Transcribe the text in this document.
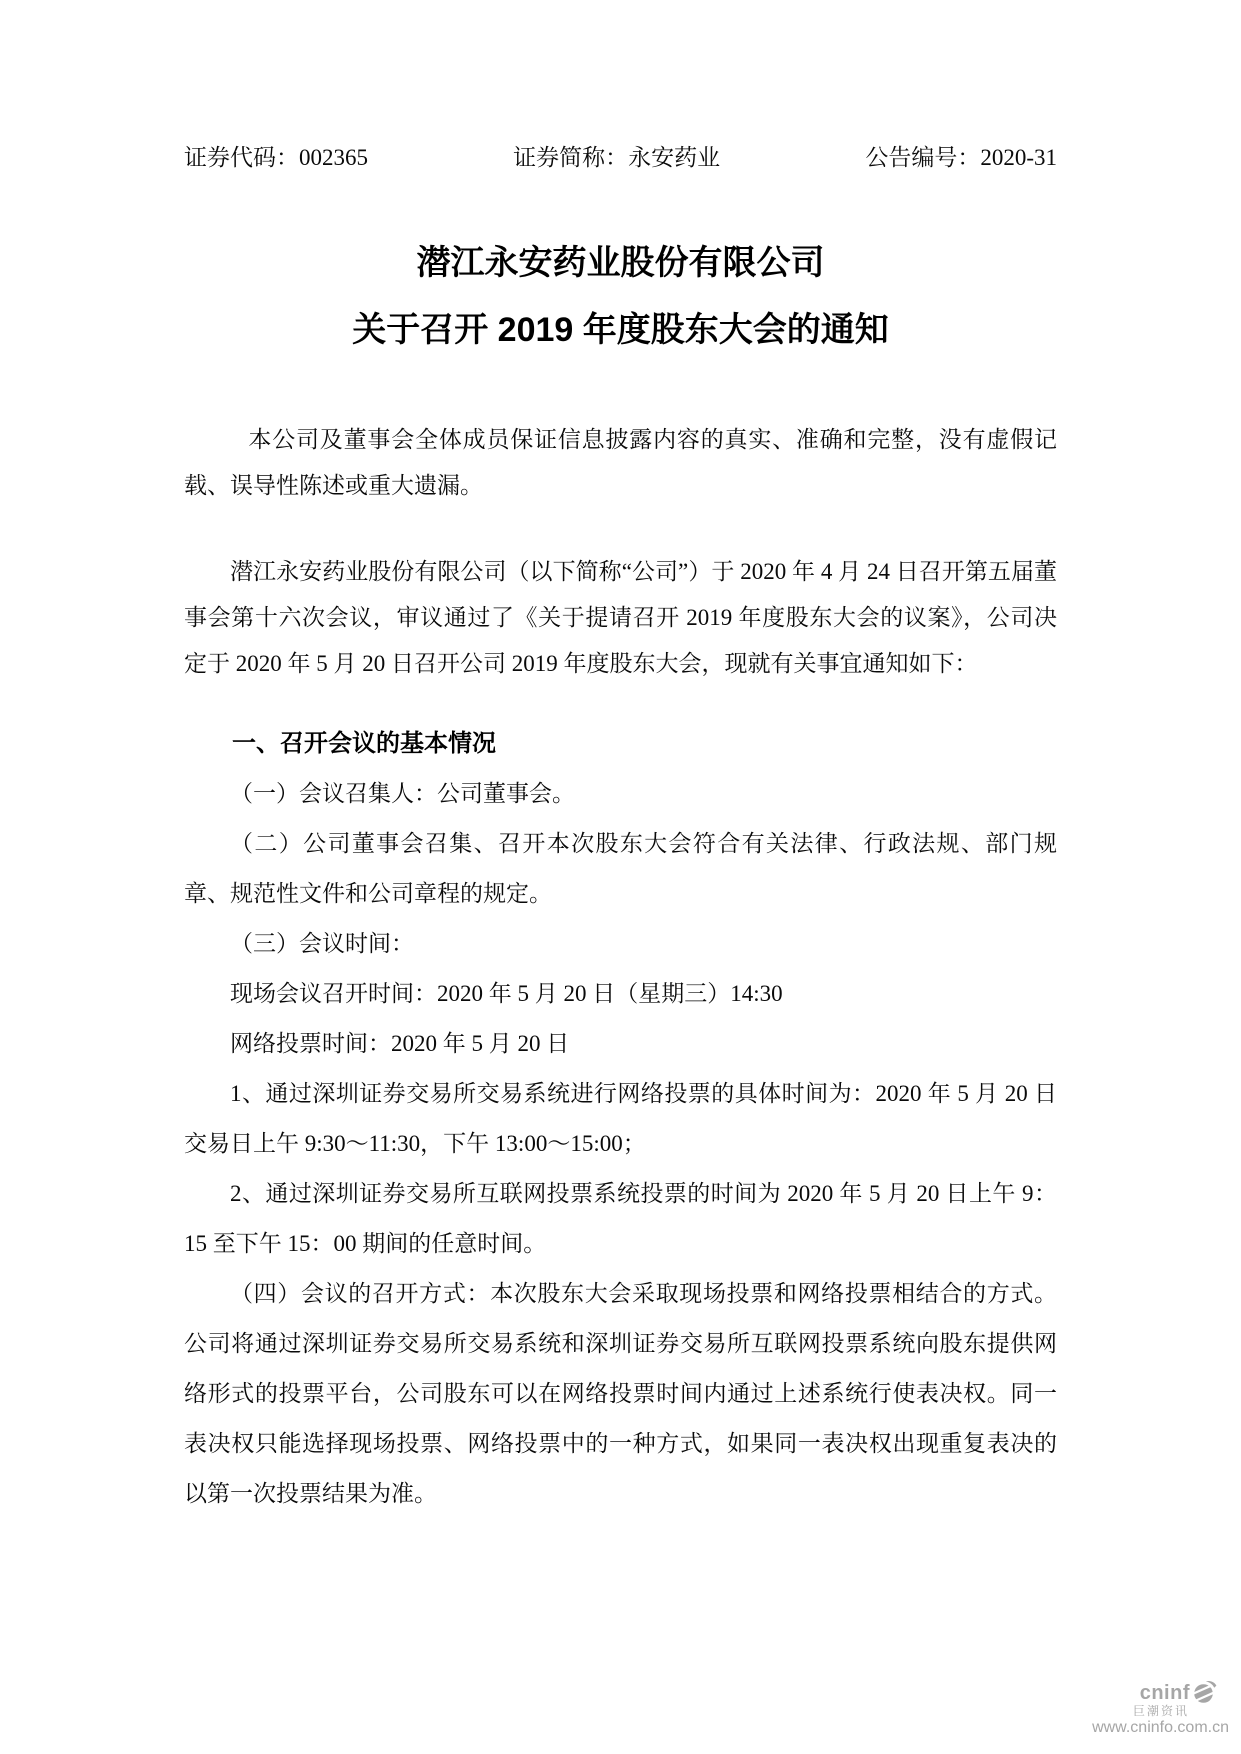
证券代码：002365	证券简称：永安药业	公告编号：2020-31
潜江永安药业股份有限公司
关于召开 2019 年度股东大会的通知

本公司及董事会全体成员保证信息披露内容的真实、准确和完整，没有虚假记载、误导性陈述或重大遗漏。

潜江永安药业股份有限公司（以下简称“公司”）于 2020 年 4 月 24 日召开第五届董事会第十六次会议，审议通过了《关于提请召开 2019 年度股东大会的议案》，公司决定于 2020 年 5 月 20 日召开公司 2019 年度股东大会，现就有关事宜通知如下：

一、召开会议的基本情况

（一）会议召集人：公司董事会。

（二）公司董事会召集、召开本次股东大会符合有关法律、行政法规、部门规章、规范性文件和公司章程的规定。

（三）会议时间：

现场会议召开时间：2020 年 5 月 20 日（星期三）14:30

网络投票时间：2020 年 5 月 20 日

1、通过深圳证券交易所交易系统进行网络投票的具体时间为：2020 年 5 月 20 日交易日上午 9:30～11:30，下午 13:00～15:00；

2、通过深圳证券交易所互联网投票系统投票的时间为 2020 年 5 月 20 日上午 9：15 至下午 15：00 期间的任意时间。

（四）会议的召开方式：本次股东大会采取现场投票和网络投票相结合的方式。公司将通过深圳证券交易所交易系统和深圳证券交易所互联网投票系统向股东提供网络形式的投票平台，公司股东可以在网络投票时间内通过上述系统行使表决权。同一表决权只能选择现场投票、网络投票中的一种方式，如果同一表决权出现重复表决的以第一次投票结果为准。

cninf
巨潮资讯
www.cninfo.com.cn
